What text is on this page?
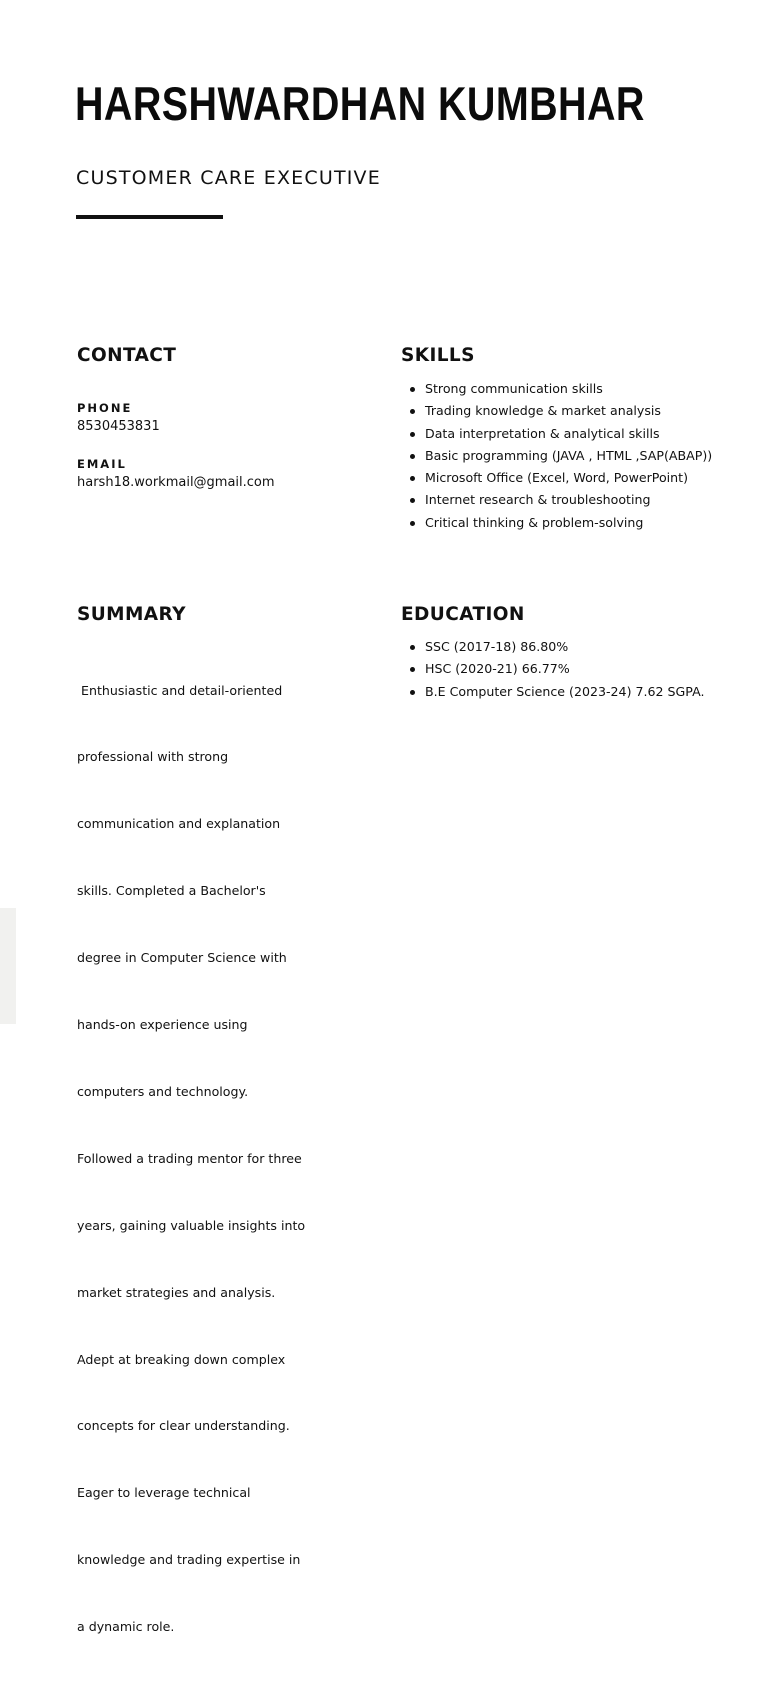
HARSHWARDHAN KUMBHAR
CUSTOMER CARE EXECUTIVE
CONTACT
PHONE
8530453831
EMAIL
harsh18.workmail@gmail.com
SKILLS
Strong communication skills
Trading knowledge & market analysis
Data interpretation & analytical skills
Basic programming (JAVA , HTML ,SAP(ABAP))
Microsoft Office (Excel, Word, PowerPoint)
Internet research & troubleshooting
Critical thinking & problem-solving
SUMMARY

Enthusiastic and detail-oriented

professional with strong

communication and explanation

skills. Completed a Bachelor's

degree in Computer Science with

hands-on experience using

computers and technology.

Followed a trading mentor for three

years, gaining valuable insights into

market strategies and analysis.

Adept at breaking down complex

concepts for clear understanding.

Eager to leverage technical

knowledge and trading expertise in

a dynamic role.

EDUCATION
SSC (2017-18) 86.80%
HSC (2020-21) 66.77%
B.E Computer Science (2023-24) 7.62 SGPA.
